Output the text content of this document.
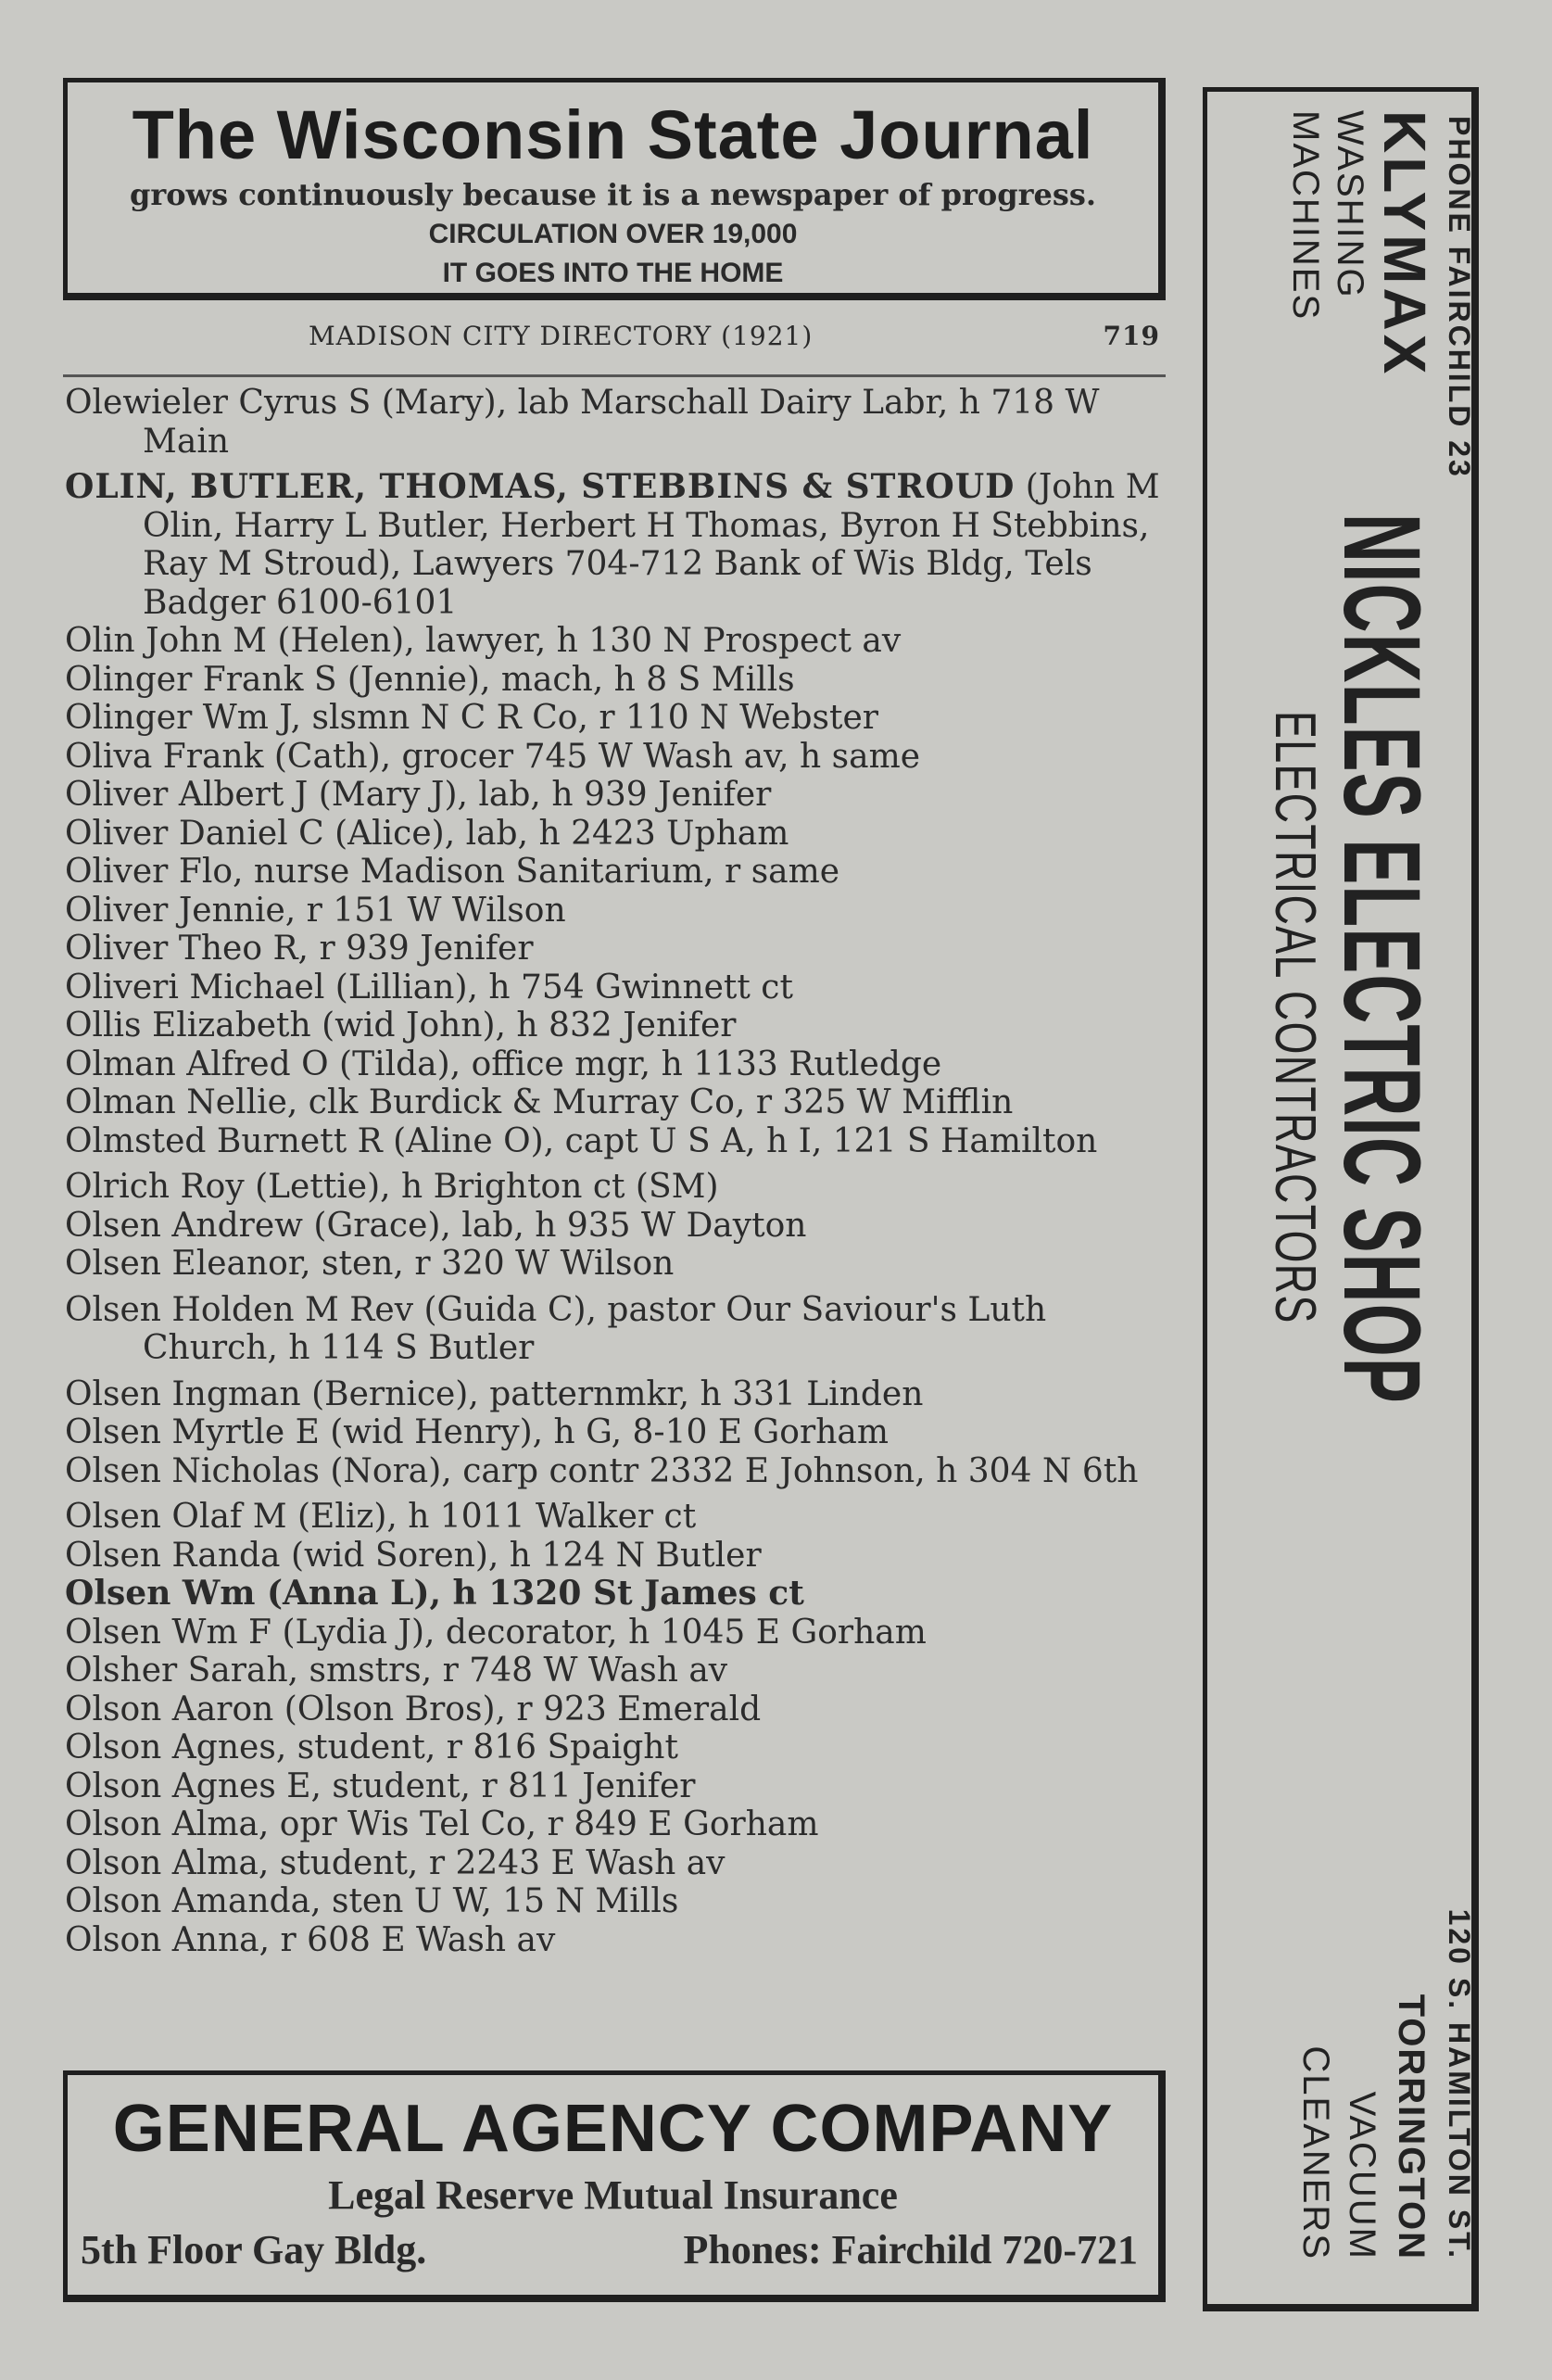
The Wisconsin State Journal
grows continuously because it is a newspaper of progress.
CIRCULATION OVER 19,000
IT GOES INTO THE HOME
MADISON CITY DIRECTORY (1921)	719
Olewieler Cyrus S (Mary), lab Marschall Dairy Labr, h 718 W Main
OLIN, BUTLER, THOMAS, STEBBINS & STROUD (John M Olin, Harry L Butler, Herbert H Thomas, Byron H Stebbins, Ray M Stroud), Lawyers 704-712 Bank of Wis Bldg, Tels Badger 6100-6101
Olin John M (Helen), lawyer, h 130 N Prospect av
Olinger Frank S (Jennie), mach, h 8 S Mills
Olinger Wm J, slsmn N C R Co, r 110 N Webster
Oliva Frank (Cath), grocer 745 W Wash av, h same
Oliver Albert J (Mary J), lab, h 939 Jenifer
Oliver Daniel C (Alice), lab, h 2423 Upham
Oliver Flo, nurse Madison Sanitarium, r same
Oliver Jennie, r 151 W Wilson
Oliver Theo R, r 939 Jenifer
Oliveri Michael (Lillian), h 754 Gwinnett ct
Ollis Elizabeth (wid John), h 832 Jenifer
Olman Alfred O (Tilda), office mgr, h 1133 Rutledge
Olman Nellie, clk Burdick & Murray Co, r 325 W Mifflin
Olmsted Burnett R (Aline O), capt U S A, h I, 121 S Hamilton
Olrich Roy (Lettie), h Brighton ct (SM)
Olsen Andrew (Grace), lab, h 935 W Dayton
Olsen Eleanor, sten, r 320 W Wilson
Olsen Holden M Rev (Guida C), pastor Our Saviour's Luth Church, h 114 S Butler
Olsen Ingman (Bernice), patternmkr, h 331 Linden
Olsen Myrtle E (wid Henry), h G, 8-10 E Gorham
Olsen Nicholas (Nora), carp contr 2332 E Johnson, h 304 N 6th
Olsen Olaf M (Eliz), h 1011 Walker ct
Olsen Randa (wid Soren), h 124 N Butler
Olsen Wm (Anna L), h 1320 St James ct
Olsen Wm F (Lydia J), decorator, h 1045 E Gorham
Olsher Sarah, smstrs, r 748 W Wash av
Olson Aaron (Olson Bros), r 923 Emerald
Olson Agnes, student, r 816 Spaight
Olson Agnes E, student, r 811 Jenifer
Olson Alma, opr Wis Tel Co, r 849 E Gorham
Olson Alma, student, r 2243 E Wash av
Olson Amanda, sten U W, 15 N Mills
Olson Anna, r 608 E Wash av
GENERAL AGENCY COMPANY
Legal Reserve Mutual Insurance
5th Floor Gay Bldg.	Phones: Fairchild 720-721
PHONE FAIRCHILD 23
120 S. HAMILTON ST.
KLYMAX
TORRINGTON
WASHING
MACHINES
VACUUM
CLEANERS
NICKLES ELECTRIC SHOP
ELECTRICAL CONTRACTORS
